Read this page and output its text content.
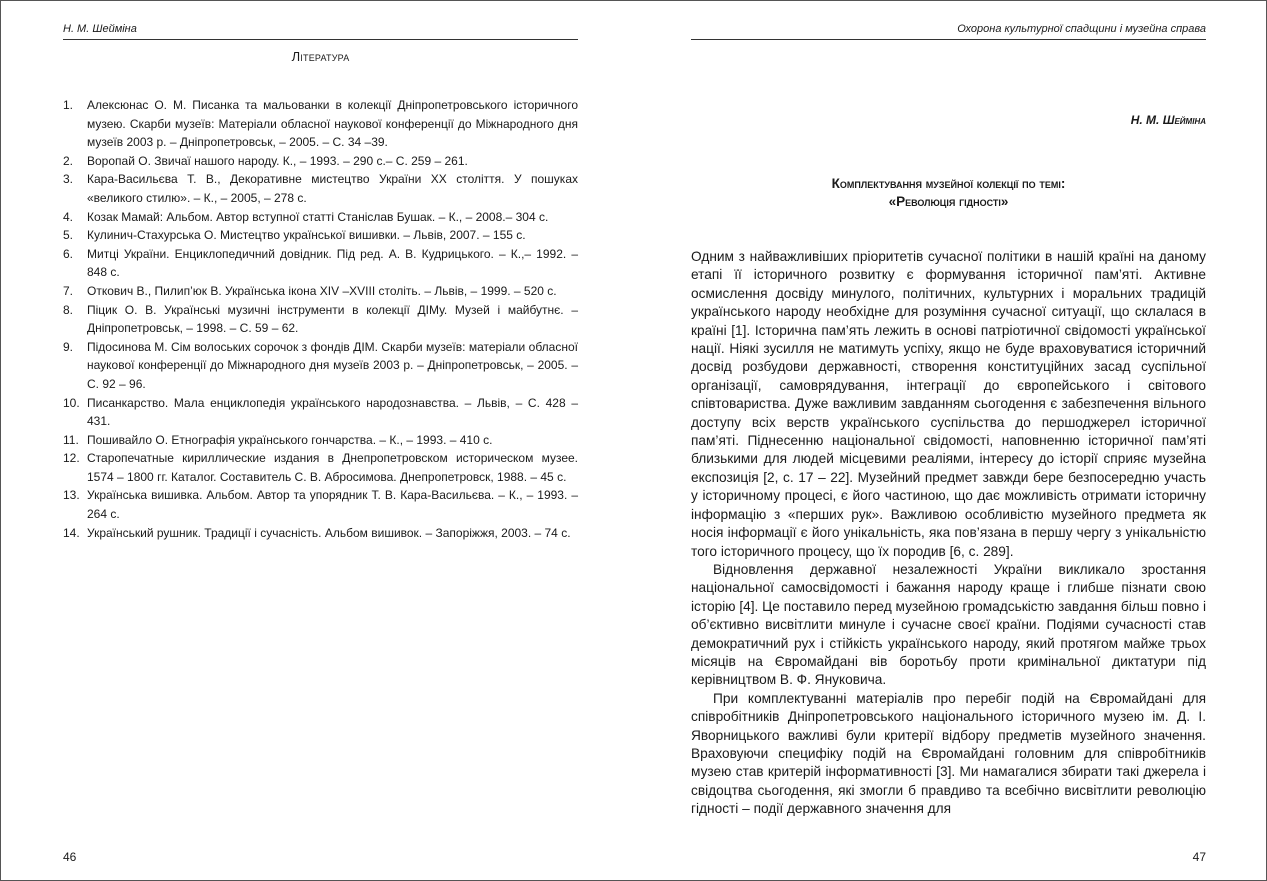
Н. М. Шейміна
Література
1. Алексюнас О. М. Писанка та мальованки в колекції Дніпропетровського історичного музею. Скарби музеїв: Матеріали обласної наукової конференції до Міжнародного дня музеїв 2003 р. – Дніпропетровськ, – 2005. – С. 34 –39.
2. Воропай О. Звичаї нашого народу. К., – 1993. – 290 с.– С. 259 – 261.
3. Кара-Васильєва Т. В., Декоративне мистецтво України ХХ століття. У пошуках «великого стилю». – К., – 2005, – 278 с.
4. Козак Мамай: Альбом. Автор вступної статті Станіслав Бушак. – К., – 2008.– 304 с.
5. Кулинич-Стахурська О. Мистецтво української вишивки. – Львів, 2007. – 155 с.
6. Митці України. Енциклопедичний довідник. Під ред. А. В. Кудрицького. – К.,– 1992. – 848 с.
7. Откович В., Пилип’юк В. Українська ікона XIV –XVIII століть. – Львів, – 1999. – 520 с.
8. Піцик О. В. Українські музичні інструменти в колекції ДІМу. Музей і майбутнє. – Дніпропетровськ, – 1998. – С. 59 – 62.
9. Підосинова М. Сім волоських сорочок з фондів ДІМ. Скарби музеїв: матеріали обласної наукової конференції до Міжнародного дня музеїв 2003 р. – Дніпропетровськ, – 2005. – С. 92 – 96.
10. Писанкарство. Мала енциклопедія українського народознавства. – Львів, – С. 428 – 431.
11. Пошивайло О. Етнографія українського гончарства. – К., – 1993. – 410 с.
12. Старопечатные кириллические издания в Днепропетровском историческом музее. 1574 – 1800 гг. Каталог. Составитель С. В. Абросимова. Днепропетровск, 1988. – 45 с.
13. Українська вишивка. Альбом. Автор та упорядник Т. В. Кара-Васильєва. – К., – 1993. – 264 с.
14. Український рушник. Традиції і сучасність. Альбом вишивок. – Запоріжжя, 2003. – 74 с.
46
Охорона культурної спадщини і музейна справа
Н. М. Шейміна
Комплектування музейної колекції по темі:
«Революція гідності»

Одним з найважливіших пріоритетів сучасної політики в нашій країні на даному етапі її історичного розвитку є формування історичної пам’яті. Активне осмислення досвіду минулого, політичних, культурних і моральних традицій українського народу необхідне для розуміння сучасної ситуації, що склалася в країні [1]. Історична пам’ять лежить в основі патріотичної свідомості української нації. Ніякі зусилля не матимуть успіху, якщо не буде враховуватися історичний досвід розбудови державності, створення конституційних засад суспільної організації, самоврядування, інтеграції до європейського і світового співтовариства. Дуже важливим завданням сьогодення є забезпечення вільного доступу всіх верств українського суспільства до першоджерел історичної пам’яті. Піднесенню національної свідомості, наповненню історичної пам’яті близькими для людей місцевими реаліями, інтересу до історії сприяє музейна експозиція [2, с. 17 – 22]. Музейний предмет завжди бере безпосередню участь у історичному процесі, є його частиною, що дає можливість отримати історичну інформацію з «перших рук». Важливою особливістю музейного предмета як носія інформації є його унікальність, яка пов’язана в першу чергу з унікальністю того історичного процесу, що їх породив [6, с. 289].

Відновлення державної незалежності України викликало зростання національної самосвідомості і бажання народу краще і глибше пізнати свою історію [4]. Це поставило перед музейною громадськістю завдання більш повно і об’єктивно висвітлити минуле і сучасне своєї країни. Подіями сучасності став демократичний рух і стійкість українського народу, який протягом майже трьох місяців на Євромайдані вів боротьбу проти кримінальної диктатури під керівництвом В. Ф. Януковича.

При комплектуванні матеріалів про перебіг подій на Євромайдані для співробітників Дніпропетровського національного історичного музею ім. Д. І. Яворницького важливі були критерії відбору предметів музейного значення. Враховуючи специфіку подій на Євромайдані головним для співробітників музею став критерій інформативності [3]. Ми намагалися збирати такі джерела і свідоцтва сьогодення, які змогли б правдиво та всебічно висвітлити революцію гідності – події державного значення для

47
